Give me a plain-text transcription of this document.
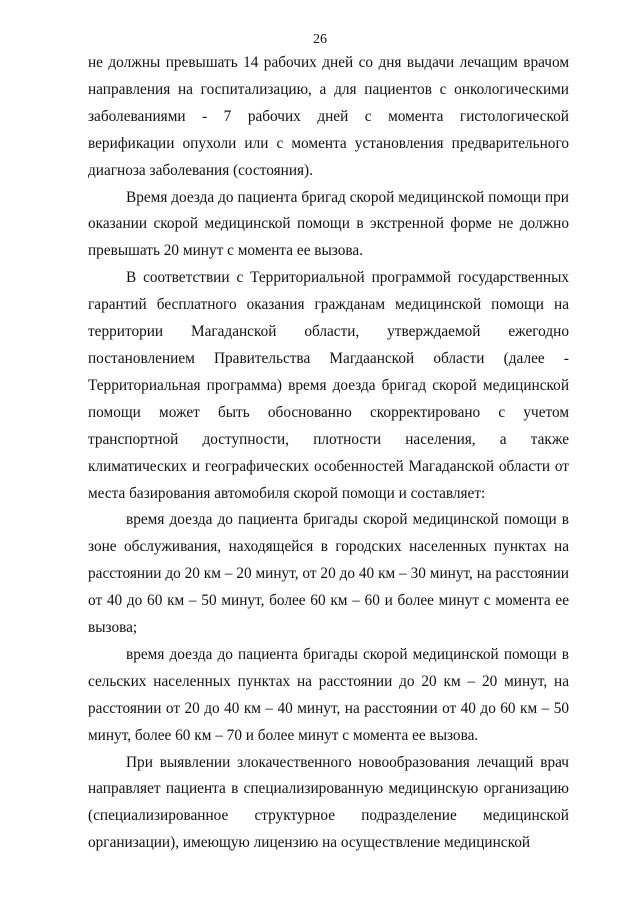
26

не должны превышать 14 рабочих дней со дня выдачи лечащим врачом направления на госпитализацию, а для пациентов с онкологическими заболеваниями - 7 рабочих дней с момента гистологической верификации опухоли или с момента установления предварительного диагноза заболевания (состояния).

Время доезда до пациента бригад скорой медицинской помощи при оказании скорой медицинской помощи в экстренной форме не должно превышать 20 минут с момента ее вызова.

В соответствии с Территориальной программой государственных гарантий бесплатного оказания гражданам медицинской помощи на территории Магаданской области, утверждаемой ежегодно постановлением Правительства Магдаанской области (далее - Территориальная программа) время доезда бригад скорой медицинской помощи может быть обоснованно скорректировано с учетом транспортной доступности, плотности населения, а также климатических и географических особенностей Магаданской области от места базирования автомобиля скорой помощи и составляет:

время доезда до пациента бригады скорой медицинской помощи в зоне обслуживания, находящейся в городских населенных пунктах на расстоянии до 20 км – 20 минут, от 20 до 40 км – 30 минут, на расстоянии от 40 до 60 км – 50 минут, более 60 км – 60 и более минут с момента ее вызова;

время доезда до пациента бригады скорой медицинской помощи в сельских населенных пунктах на расстоянии до 20 км – 20 минут, на расстоянии от 20 до 40 км – 40 минут, на расстоянии от 40 до 60 км – 50 минут, более 60 км – 70 и более минут с момента ее вызова.

При выявлении злокачественного новообразования лечащий врач направляет пациента в специализированную медицинскую организацию (специализированное структурное подразделение медицинской организации), имеющую лицензию на осуществление медицинской
